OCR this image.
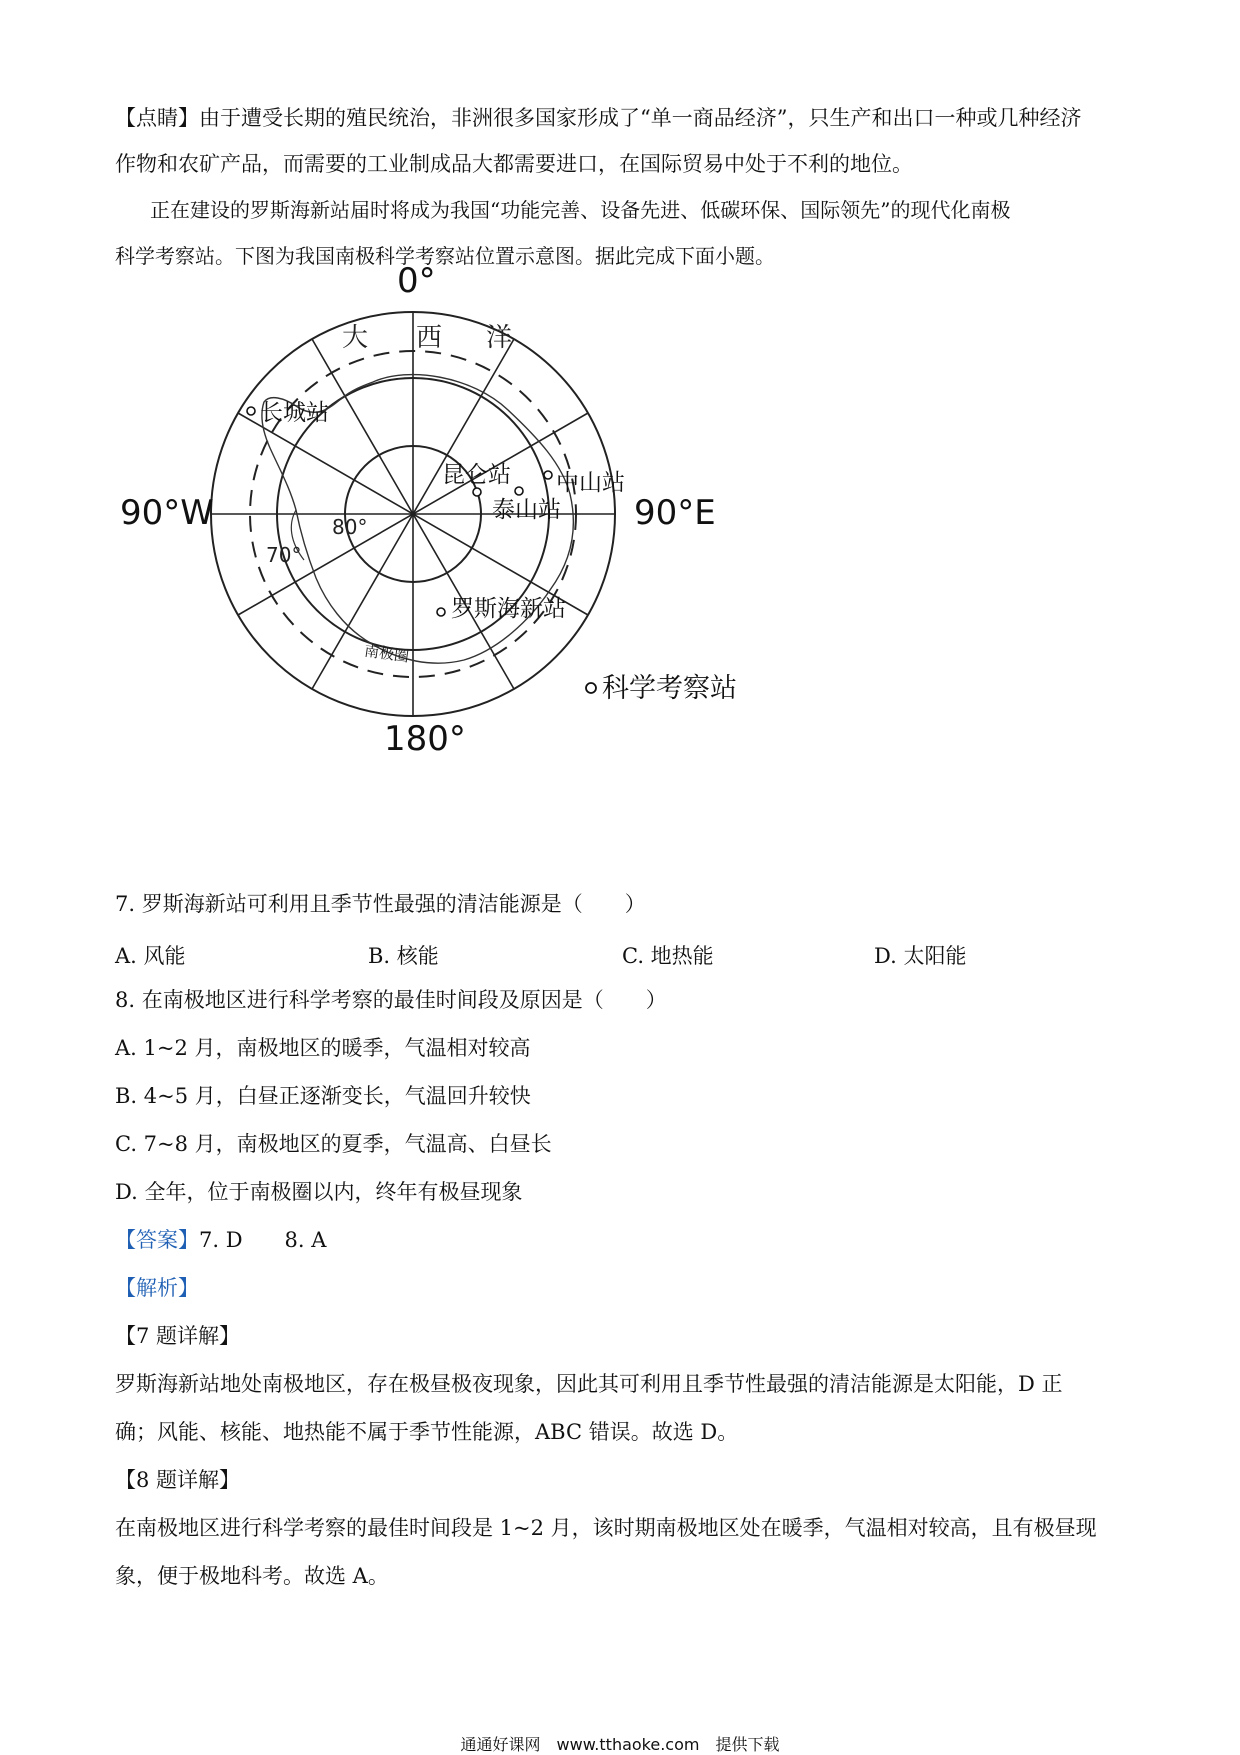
【点睛】由于遭受长期的殖民统治，非洲很多国家形成了“单一商品经济”，只生产和出口一种或几种经济
作物和农矿产品，而需要的工业制成品大都需要进口，在国际贸易中处于不利的地位。
正在建设的罗斯海新站届时将成为我国“功能完善、设备先进、低碳环保、国际领先”的现代化南极
科学考察站。下图为我国南极科学考察站位置示意图。据此完成下面小题。
0°
90°W	90°E
180°
大 西 洋
80°
70°
南极圈
长城站
昆仑站 中山站
泰山站
罗斯海新站
科学考察站
7. 罗斯海新站可利用且季节性最强的清洁能源是（　　）
A. 风能	B. 核能	C. 地热能	D. 太阳能
8. 在南极地区进行科学考察的最佳时间段及原因是（　　）
A. 1~2 月，南极地区的暖季，气温相对较高
B. 4~5 月，白昼正逐渐变长，气温回升较快
C. 7~8 月，南极地区的夏季，气温高、白昼长
D. 全年，位于南极圈以内，终年有极昼现象
【答案】7. D　　8. A
【解析】
【7 题详解】
罗斯海新站地处南极地区，存在极昼极夜现象，因此其可利用且季节性最强的清洁能源是太阳能，D 正
确；风能、核能、地热能不属于季节性能源，ABC 错误。故选 D。
【8 题详解】
在南极地区进行科学考察的最佳时间段是 1~2 月，该时期南极地区处在暖季，气温相对较高，且有极昼现
象，便于极地科考。故选 A。
通通好课网　www.tthaoke.com　提供下载
